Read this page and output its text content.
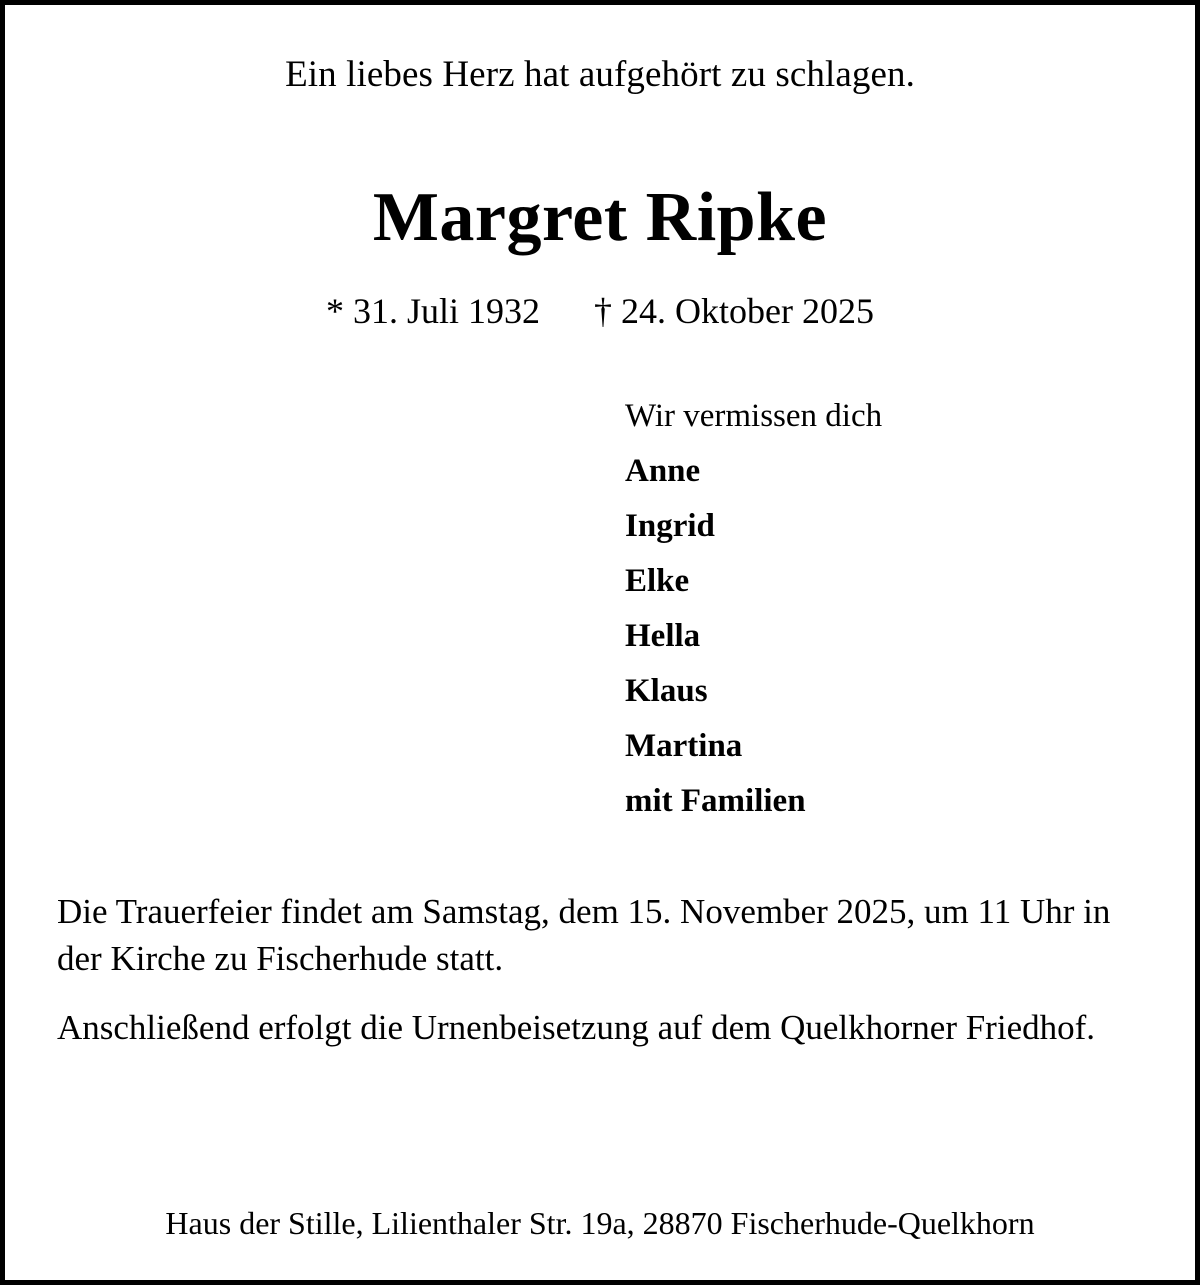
Ein liebes Herz hat aufgehört zu schlagen.
Margret Ripke
* 31. Juli 1932 † 24. Oktober 2025
Wir vermissen dich
Anne
Ingrid
Elke
Hella
Klaus
Martina
mit Familien

Die Trauerfeier findet am Samstag, dem 15. November 2025, um 11 Uhr in der Kirche zu Fischerhude statt.

Anschließend erfolgt die Urnenbeisetzung auf dem Quelkhorner Friedhof.

Haus der Stille, Lilienthaler Str. 19a, 28870 Fischerhude-Quelkhorn
